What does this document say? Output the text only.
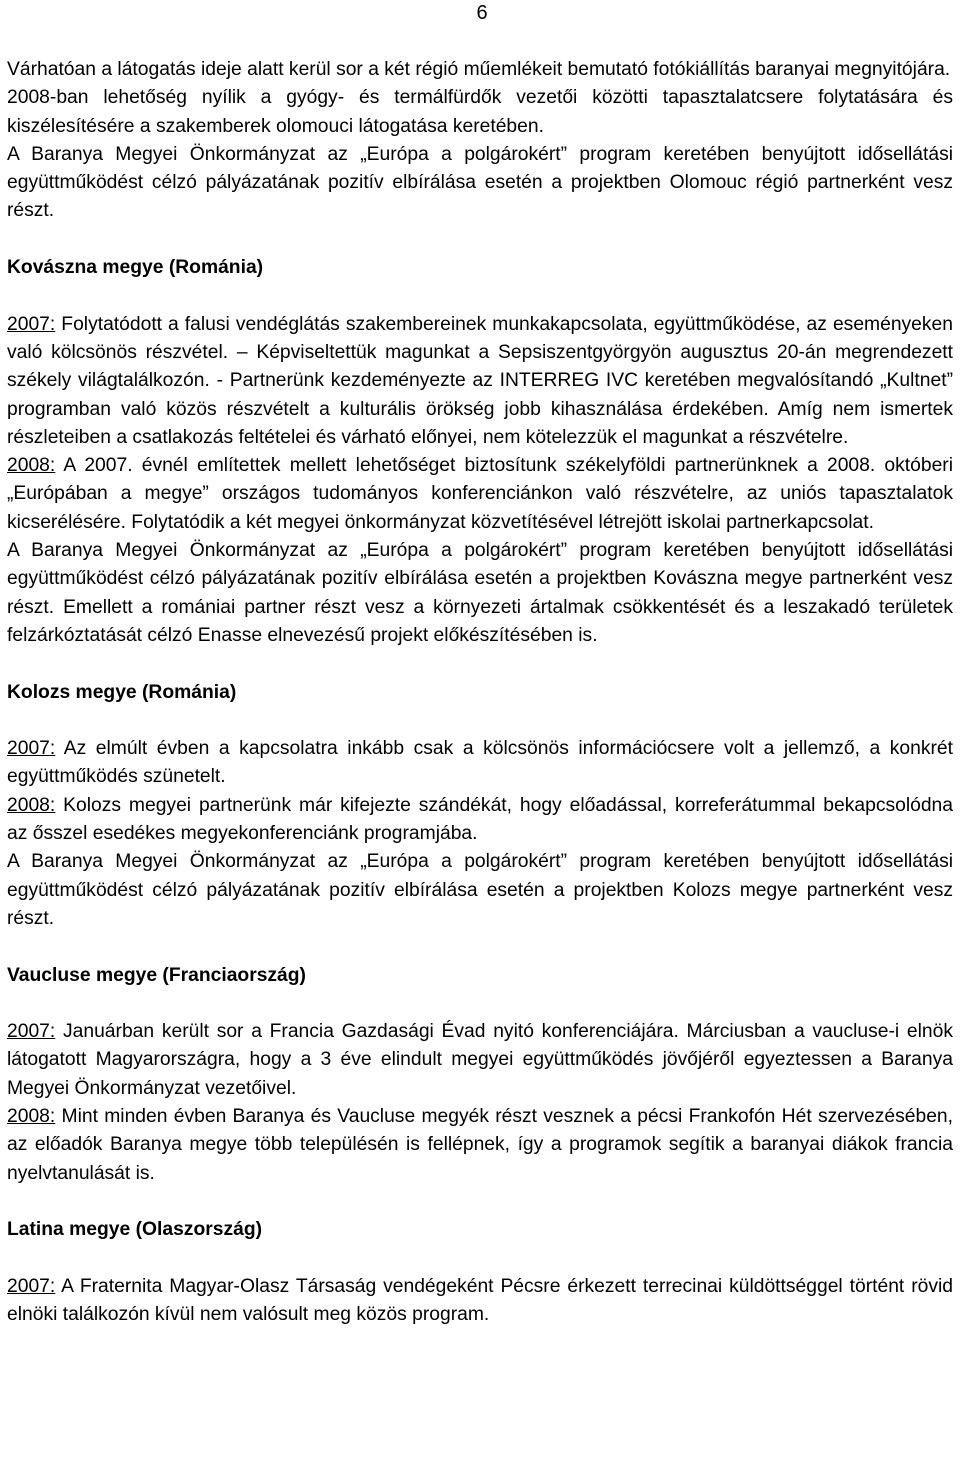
6

Várhatóan a látogatás ideje alatt kerül sor a két régió műemlékeit bemutató fotókiállítás baranyai megnyitójára.

2008-ban lehetőség nyílik a gyógy- és termálfürdők vezetői közötti tapasztalatcsere folytatására és kiszélesítésére a szakemberek olomouci látogatása keretében.

A Baranya Megyei Önkormányzat az „Európa a polgárokért” program keretében benyújtott idősellátási együttműködést célzó pályázatának pozitív elbírálása esetén a projektben Olomouc régió partnerként vesz részt.

Kovászna megye (Románia)

2007: Folytatódott a falusi vendéglátás szakembereinek munkakapcsolata, együttműködése, az eseményeken való kölcsönös részvétel. – Képviseltettük magunkat a Sepsiszentgyörgyön augusztus 20-án megrendezett székely világtalálkozón. - Partnerünk kezdeményezte az INTERREG IVC keretében megvalósítandó „Kultnet” programban való közös részvételt a kulturális örökség jobb kihasználása érdekében. Amíg nem ismertek részleteiben a csatlakozás feltételei és várható előnyei, nem kötelezzük el magunkat a részvételre.

2008: A 2007. évnél említettek mellett lehetőséget biztosítunk székelyföldi partnerünknek a 2008. októberi „Európában a megye” országos tudományos konferenciánkon való részvételre, az uniós tapasztalatok kicserélésére. Folytatódik a két megyei önkormányzat közvetítésével létrejött iskolai partnerkapcsolat.

A Baranya Megyei Önkormányzat az „Európa a polgárokért” program keretében benyújtott idősellátási együttműködést célzó pályázatának pozitív elbírálása esetén a projektben Kovászna megye partnerként vesz részt. Emellett a romániai partner részt vesz a környezeti ártalmak csökkentését és a leszakadó területek felzárkóztatását célzó Enasse elnevezésű projekt előkészítésében is.

Kolozs megye (Románia)

2007: Az elmúlt évben a kapcsolatra inkább csak a kölcsönös információcsere volt a jellemző, a konkrét együttműködés szünetelt.

2008: Kolozs megyei partnerünk már kifejezte szándékát, hogy előadással, korreferátummal bekapcsolódna az ősszel esedékes megyekonferenciánk programjába.

A Baranya Megyei Önkormányzat az „Európa a polgárokért” program keretében benyújtott idősellátási együttműködést célzó pályázatának pozitív elbírálása esetén a projektben Kolozs megye partnerként vesz részt.

Vaucluse megye (Franciaország)

2007: Januárban került sor a Francia Gazdasági Évad nyitó konferenciájára. Márciusban a vaucluse-i elnök látogatott Magyarországra, hogy a 3 éve elindult megyei együttműködés jövőjéről egyeztessen a Baranya Megyei Önkormányzat vezetőivel.

2008: Mint minden évben Baranya és Vaucluse megyék részt vesznek a pécsi Frankofón Hét szervezésében, az előadók Baranya megye több településén is fellépnek, így a programok segítik a baranyai diákok francia nyelvtanulását is.

Latina megye (Olaszország)

2007: A Fraternita Magyar-Olasz Társaság vendégeként Pécsre érkezett terrecinai küldöttséggel történt rövid elnöki találkozón kívül nem valósult meg közös program.
